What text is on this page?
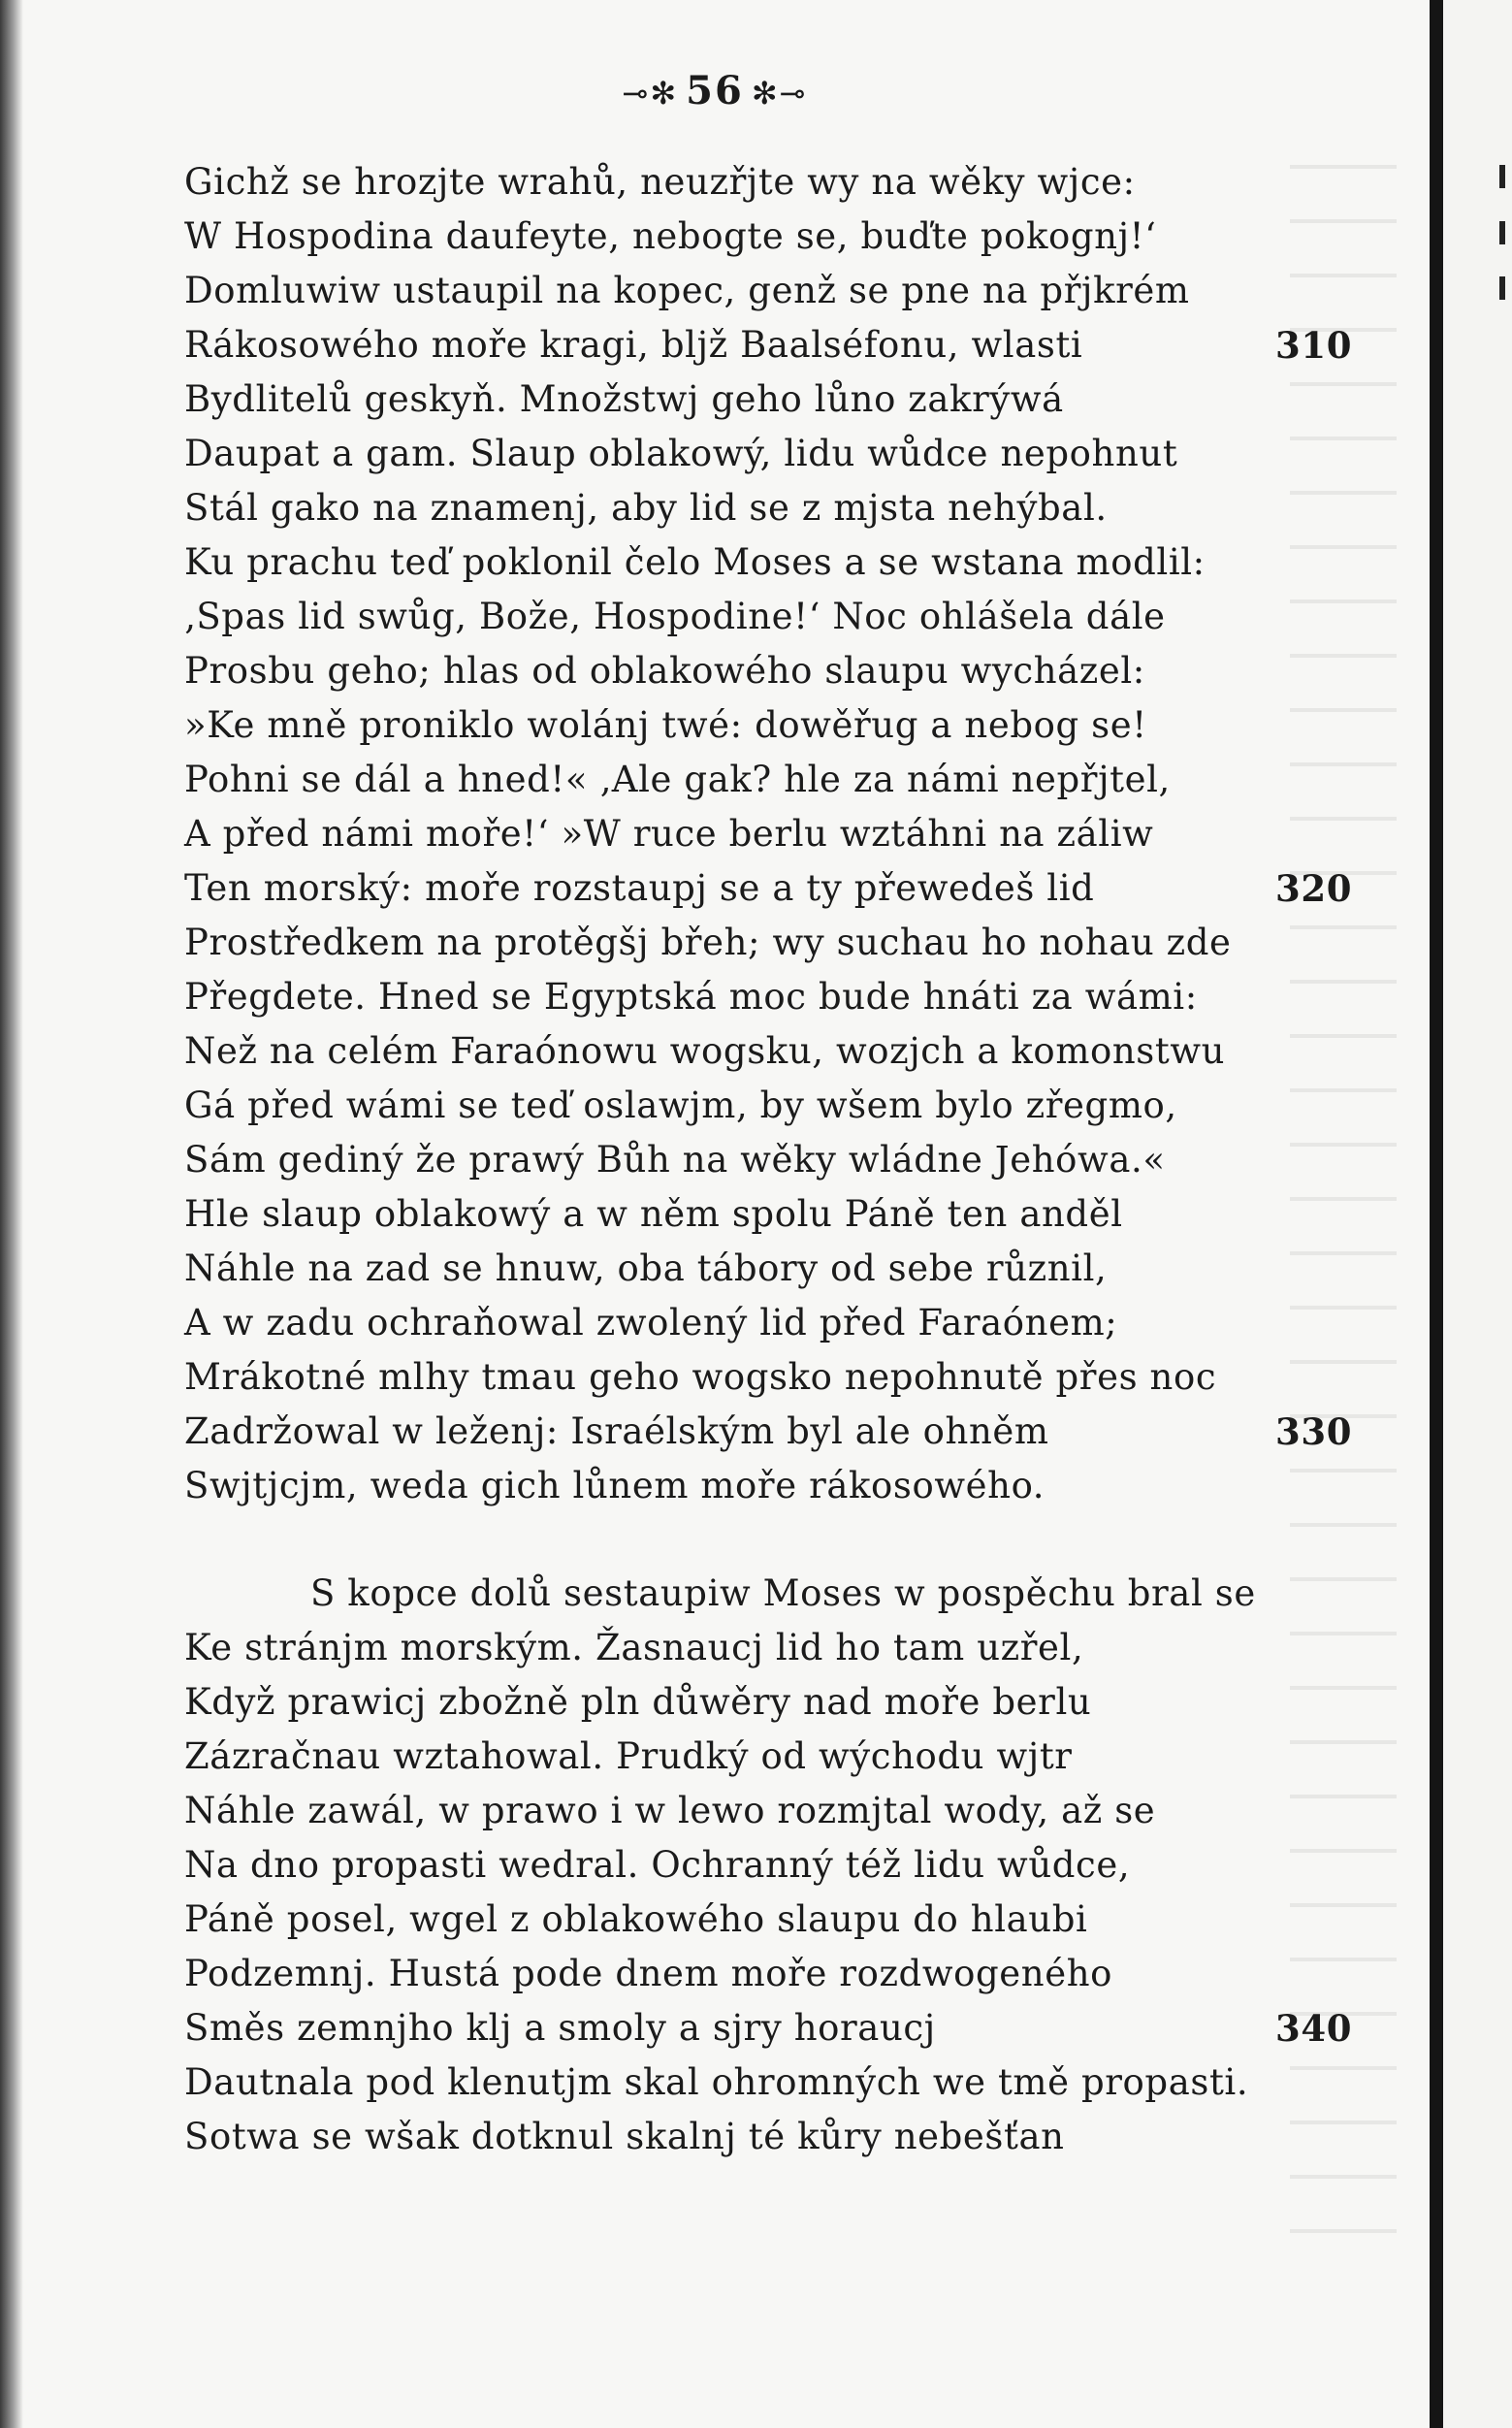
⊸✻ 56 ✻⊸
Gichž se hrozjte wrahů, neuzřjte wy na wěky wjce:
W Hospodina daufeyte, nebogte se, buďte pokognj!‘
Domluwiw ustaupil na kopec, genž se pne na přjkrém
Rákosowého moře kragi, bljž Baalséfonu, wlasti	310
Bydlitelů geskyň. Množstwj geho lůno zakrýwá
Daupat a gam. Slaup oblakowý, lidu wůdce nepohnut
Stál gako na znamenj, aby lid se z mjsta nehýbal.
Ku prachu teď poklonil čelo Moses a se wstana modlil:
‚Spas lid swůg, Bože, Hospodine!‘ Noc ohlášela dále
Prosbu geho; hlas od oblakowého slaupu wycházel:
»Ke mně proniklo wolánj twé: dowěřug a nebog se!
Pohni se dál a hned!« ‚Ale gak? hle za námi nepřjtel,
A před námi moře!‘ »W ruce berlu wztáhni na záliw
Ten morský: moře rozstaupj se a ty přewedeš lid	320
Prostředkem na protěgšj břeh; wy suchau ho nohau zde
Přegdete. Hned se Egyptská moc bude hnáti za wámi:
Než na celém Faraónowu wogsku, wozjch a komonstwu
Gá před wámi se teď oslawjm, by wšem bylo zřegmo,
Sám gediný že prawý Bůh na wěky wládne Jehówa.«
Hle slaup oblakowý a w něm spolu Páně ten anděl
Náhle na zad se hnuw, oba tábory od sebe různil,
A w zadu ochraňowal zwolený lid před Faraónem;
Mrákotné mlhy tmau geho wogsko nepohnutě přes noc
Zadržowal w leženj: Israélským byl ale ohněm	330
Swjtjcjm, weda gich lůnem moře rákosowého.
S kopce dolů sestaupiw Moses w pospěchu bral se
Ke stránjm morským. Žasnaucj lid ho tam uzřel,
Když prawicj zbožně pln důwěry nad moře berlu
Zázračnau wztahowal. Prudký od wýchodu wjtr
Náhle zawál, w prawo i w lewo rozmjtal wody, až se
Na dno propasti wedral. Ochranný též lidu wůdce,
Páně posel, wgel z oblakowého slaupu do hlaubi
Podzemnj. Hustá pode dnem moře rozdwogeného
Směs zemnjho klj a smoly a sjry horaucj	340
Dautnala pod klenutjm skal ohromných we tmě propasti.
Sotwa se wšak dotknul skalnj té kůry nebešťan
